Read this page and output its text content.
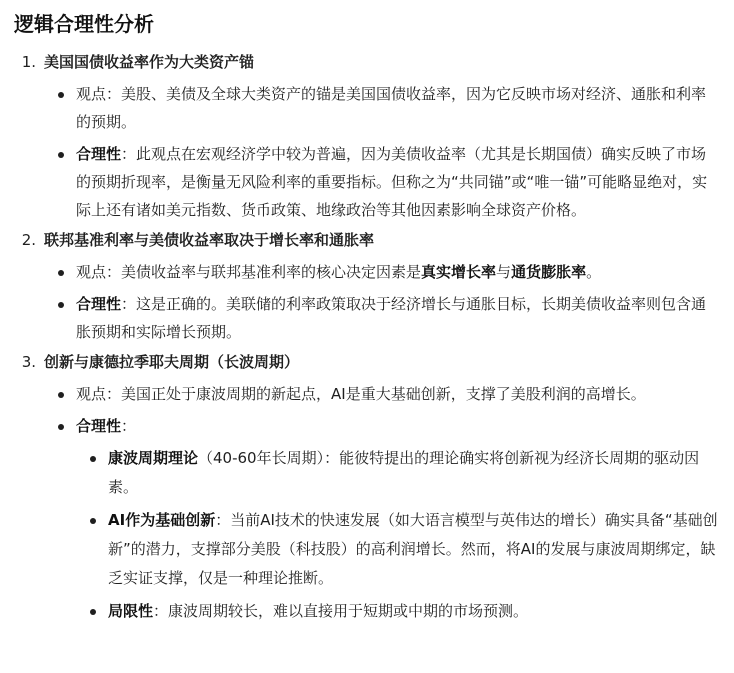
逻辑合理性分析
1. 美国国债收益率作为大类资产锚
观点：美股、美债及全球大类资产的锚是美国国债收益率，因为它反映市场对经济、通胀和利率的预期。
合理性：此观点在宏观经济学中较为普遍，因为美债收益率（尤其是长期国债）确实反映了市场的预期折现率，是衡量无风险利率的重要指标。但称之为“共同锚”或“唯一锚”可能略显绝对，实际上还有诸如美元指数、货币政策、地缘政治等其他因素影响全球资产价格。
2. 联邦基准利率与美债收益率取决于增长率和通胀率
观点：美债收益率与联邦基准利率的核心决定因素是真实增长率与通货膨胀率。
合理性：这是正确的。美联储的利率政策取决于经济增长与通胀目标，长期美债收益率则包含通胀预期和实际增长预期。
3. 创新与康德拉季耶夫周期（长波周期）
观点：美国正处于康波周期的新起点，AI是重大基础创新，支撑了美股利润的高增长。
合理性：
康波周期理论（40-60年长周期）：能彼特提出的理论确实将创新视为经济长周期的驱动因素。
AI作为基础创新：当前AI技术的快速发展（如大语言模型与英伟达的增长）确实具备“基础创新”的潜力，支撑部分美股（科技股）的高利润增长。然而，将AI的发展与康波周期绑定，缺乏实证支撑，仅是一种理论推断。
局限性：康波周期较长，难以直接用于短期或中期的市场预测。
